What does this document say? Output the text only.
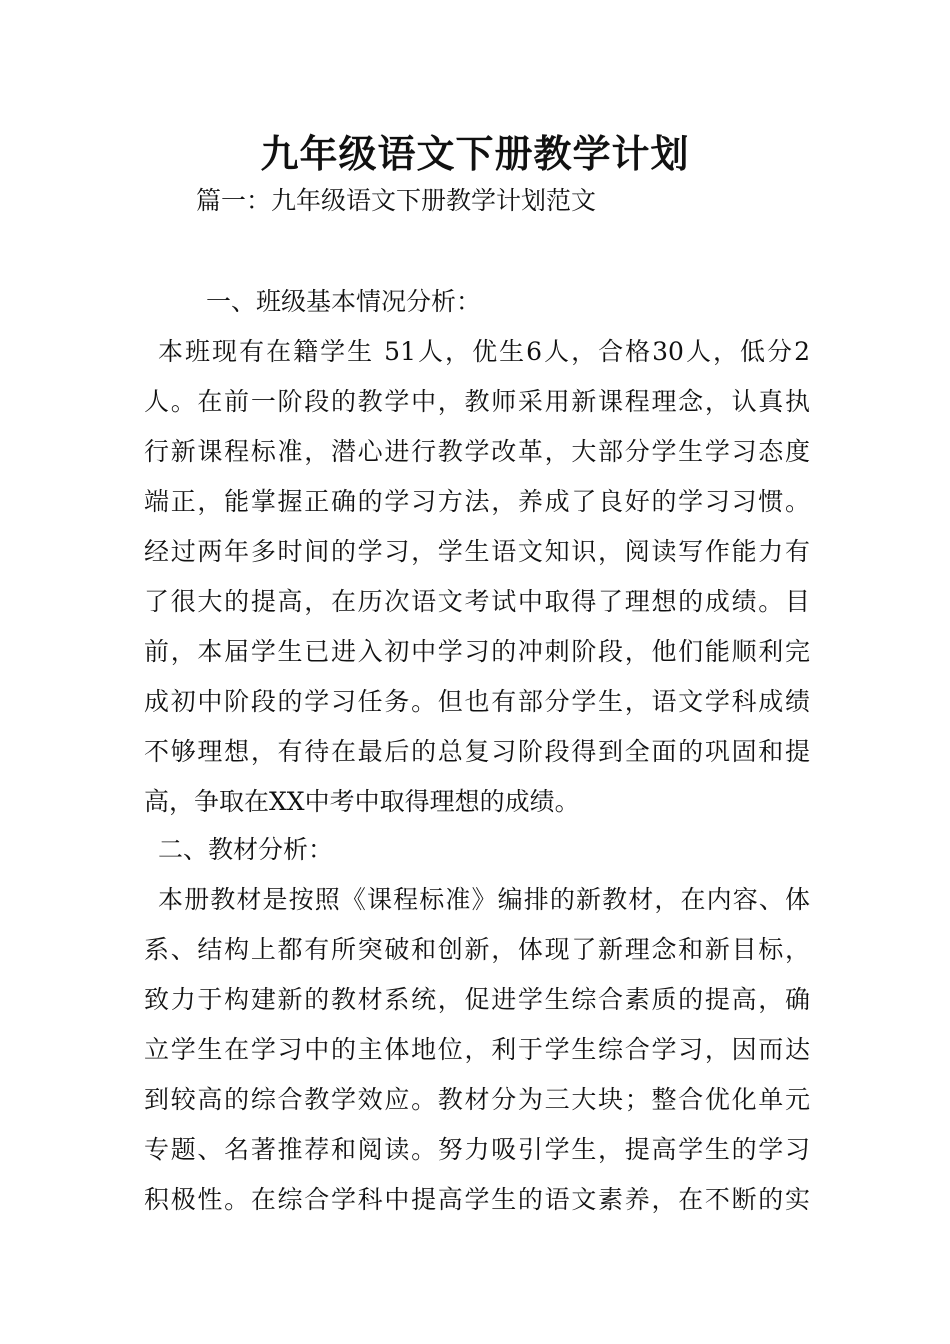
九年级语文下册教学计划
篇一：九年级语文下册教学计划范文
一、班级基本情况分析：
本班现有在籍学生 51人，优生6人，合格30人，低分2
人。在前一阶段的教学中，教师采用新课程理念，认真执
行新课程标准，潜心进行教学改革，大部分学生学习态度
端正，能掌握正确的学习方法，养成了良好的学习习惯。
经过两年多时间的学习，学生语文知识，阅读写作能力有
了很大的提高，在历次语文考试中取得了理想的成绩。目
前，本届学生已进入初中学习的冲刺阶段，他们能顺利完
成初中阶段的学习任务。但也有部分学生，语文学科成绩
不够理想，有待在最后的总复习阶段得到全面的巩固和提
高，争取在XX中考中取得理想的成绩。
二、教材分析：
本册教材是按照《课程标准》编排的新教材，在内容、体
系、结构上都有所突破和创新，体现了新理念和新目标，
致力于构建新的教材系统，促进学生综合素质的提高，确
立学生在学习中的主体地位，利于学生综合学习，因而达
到较高的综合教学效应。教材分为三大块；整合优化单元
专题、名著推荐和阅读。努力吸引学生，提高学生的学习
积极性。在综合学科中提高学生的语文素养，在不断的实
